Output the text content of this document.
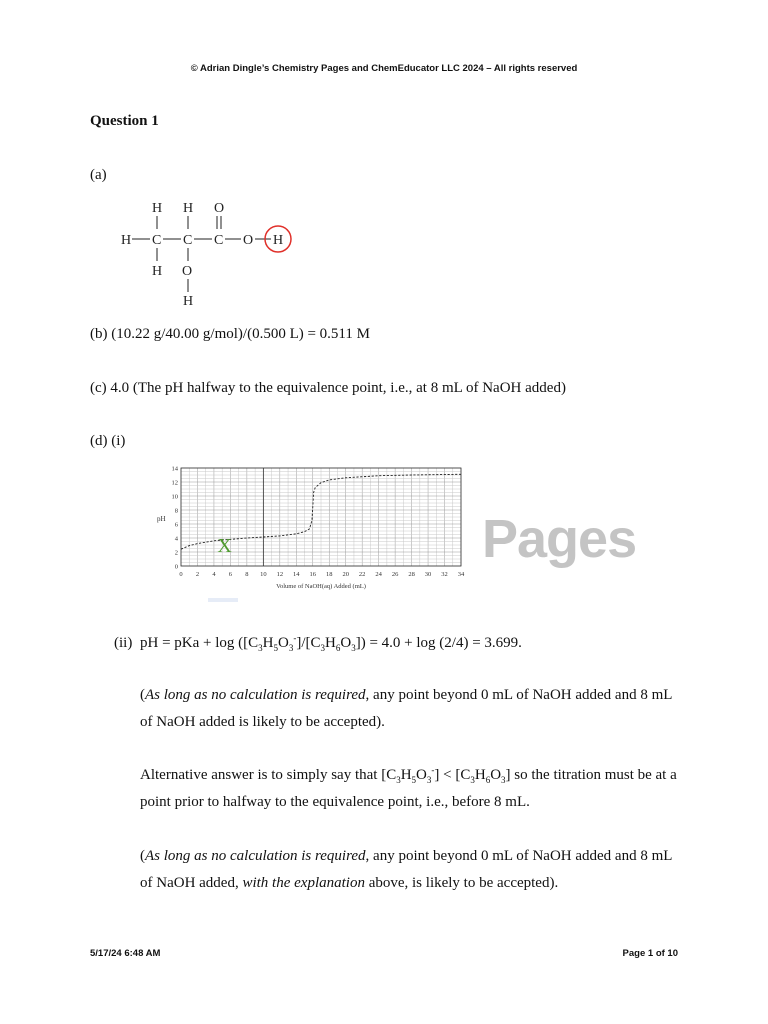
© Adrian Dingle’s Chemistry Pages and ChemEducator LLC 2024 – All rights reserved
Question 1
(a)
H H O
H C C C O H
H O
H
(b) (10.22 g/40.00 g/mol)/(0.500 L) = 0.511 M
(c) 4.0 (The pH halfway to the equivalence point, i.e., at 8 mL of NaOH added)
(d) (i)
Pages
0 2 4 6 8 10 12 14 16 18 20 22 24 26 28 30 32 34
0
2
4
6
8
10
12
14
X
pH
Volume of NaOH(aq) Added (mL)
(ii) pH = pKa + $\log ([C_3H_5O_3^-]/[C_3H_6O_3]) = 4.0 + \log (2/4) = 3.699$.
(As long as no calculation is required, any point beyond 0 mL of NaOH added and 8 mL of NaOH added is likely to be accepted).
Alternative answer is to simply say that $[C_3H_5O_3^-] < [C_3H_6O_3]$ so the titration must be at a point prior to halfway to the equivalence point, i.e., before 8 mL.
(As long as no calculation is required, any point beyond 0 mL of NaOH added and 8 mL of NaOH added, with the explanation above, is likely to be accepted).
5/17/24 6:48 AM	Page 1 of 10
